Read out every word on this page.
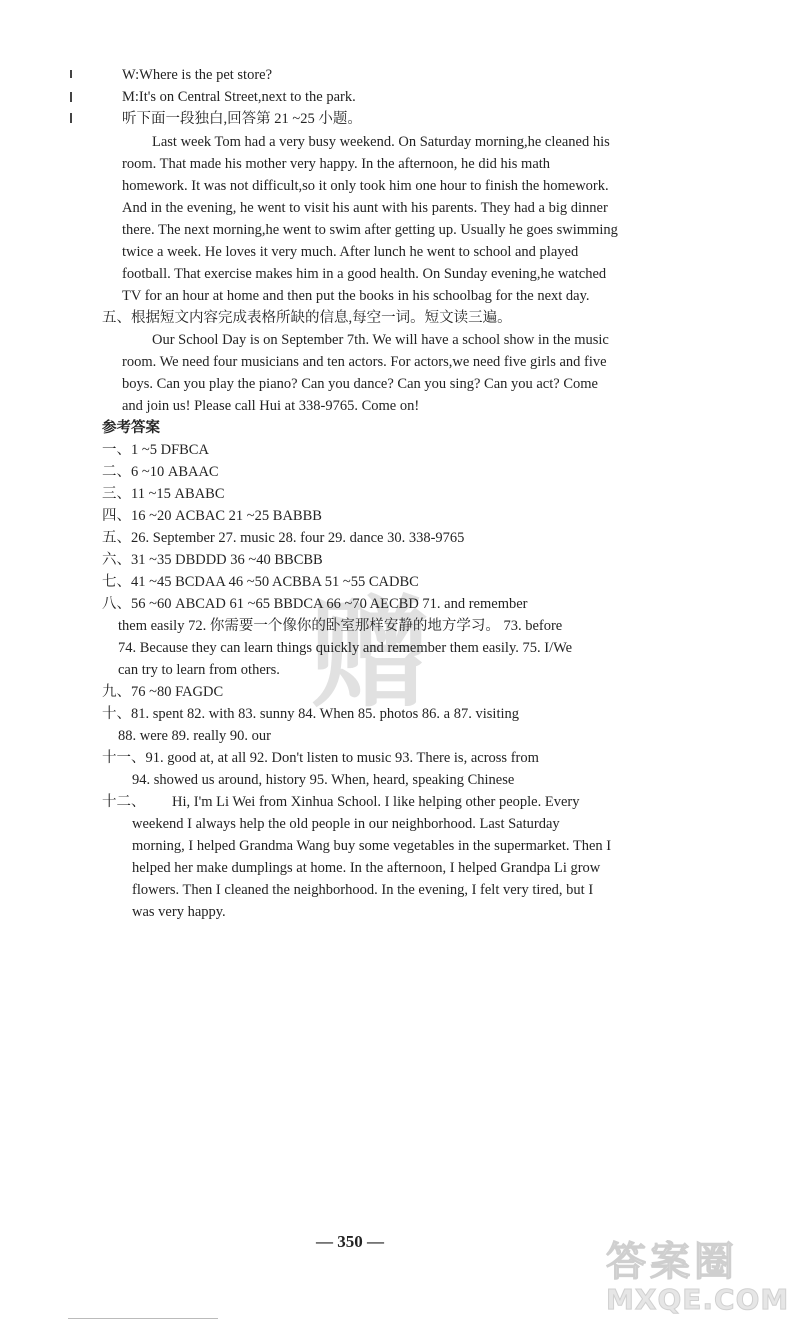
赠
W:Where is the pet store?
M:It's on Central Street,next to the park.
听下面一段独白,回答第 21 ~25 小题。
Last week Tom had a very busy weekend. On Saturday morning,he cleaned his
room. That made his mother very happy. In the afternoon, he did his math
homework. It was not difficult,so it only took him one hour to finish the homework.
And in the evening, he went to visit his aunt with his parents. They had a big dinner
there. The next morning,he went to swim after getting up. Usually he goes swimming
twice a week. He loves it very much. After lunch he went to school and played
football. That exercise makes him in a good health. On Sunday evening,he watched
TV for an hour at home and then put the books in his schoolbag for the next day.
五、根据短文内容完成表格所缺的信息,每空一词。短文读三遍。
Our School Day is on September 7th. We will have a school show in the music
room. We need four musicians and ten actors. For actors,we need five girls and five
boys. Can you play the piano? Can you dance? Can you sing? Can you act? Come
and join us! Please call Hui at 338-9765. Come on!
参考答案
一、1 ~5 DFBCA
二、6 ~10 ABAAC
三、11 ~15 ABABC
四、16 ~20 ACBAC 21 ~25 BABBB
五、26. September 27. music 28. four 29. dance 30. 338-9765
六、31 ~35 DBDDD 36 ~40 BBCBB
七、41 ~45 BCDAA 46 ~50 ACBBA 51 ~55 CADBC
八、56 ~60 ABCAD 61 ~65 BBDCA 66 ~70 AECBD 71. and remember
them easily 72. 你需要一个像你的卧室那样安静的地方学习。 73. before
74. Because they can learn things quickly and remember them easily. 75. I/We
can try to learn from others.
九、76 ~80 FAGDC
十、81. spent 82. with 83. sunny 84. When 85. photos 86. a 87. visiting
88. were 89. really 90. our
十一、91. good at, at all 92. Don't listen to music 93. There is, across from
94. showed us around, history 95. When, heard, speaking Chinese
十二、 Hi, I'm Li Wei from Xinhua School. I like helping other people. Every
weekend I always help the old people in our neighborhood. Last Saturday
morning, I helped Grandma Wang buy some vegetables in the supermarket. Then I
helped her make dumplings at home. In the afternoon, I helped Grandpa Li grow
flowers. Then I cleaned the neighborhood. In the evening, I felt very tired, but I
was very happy.
— 350 —	答案圈
MXQE.COM
